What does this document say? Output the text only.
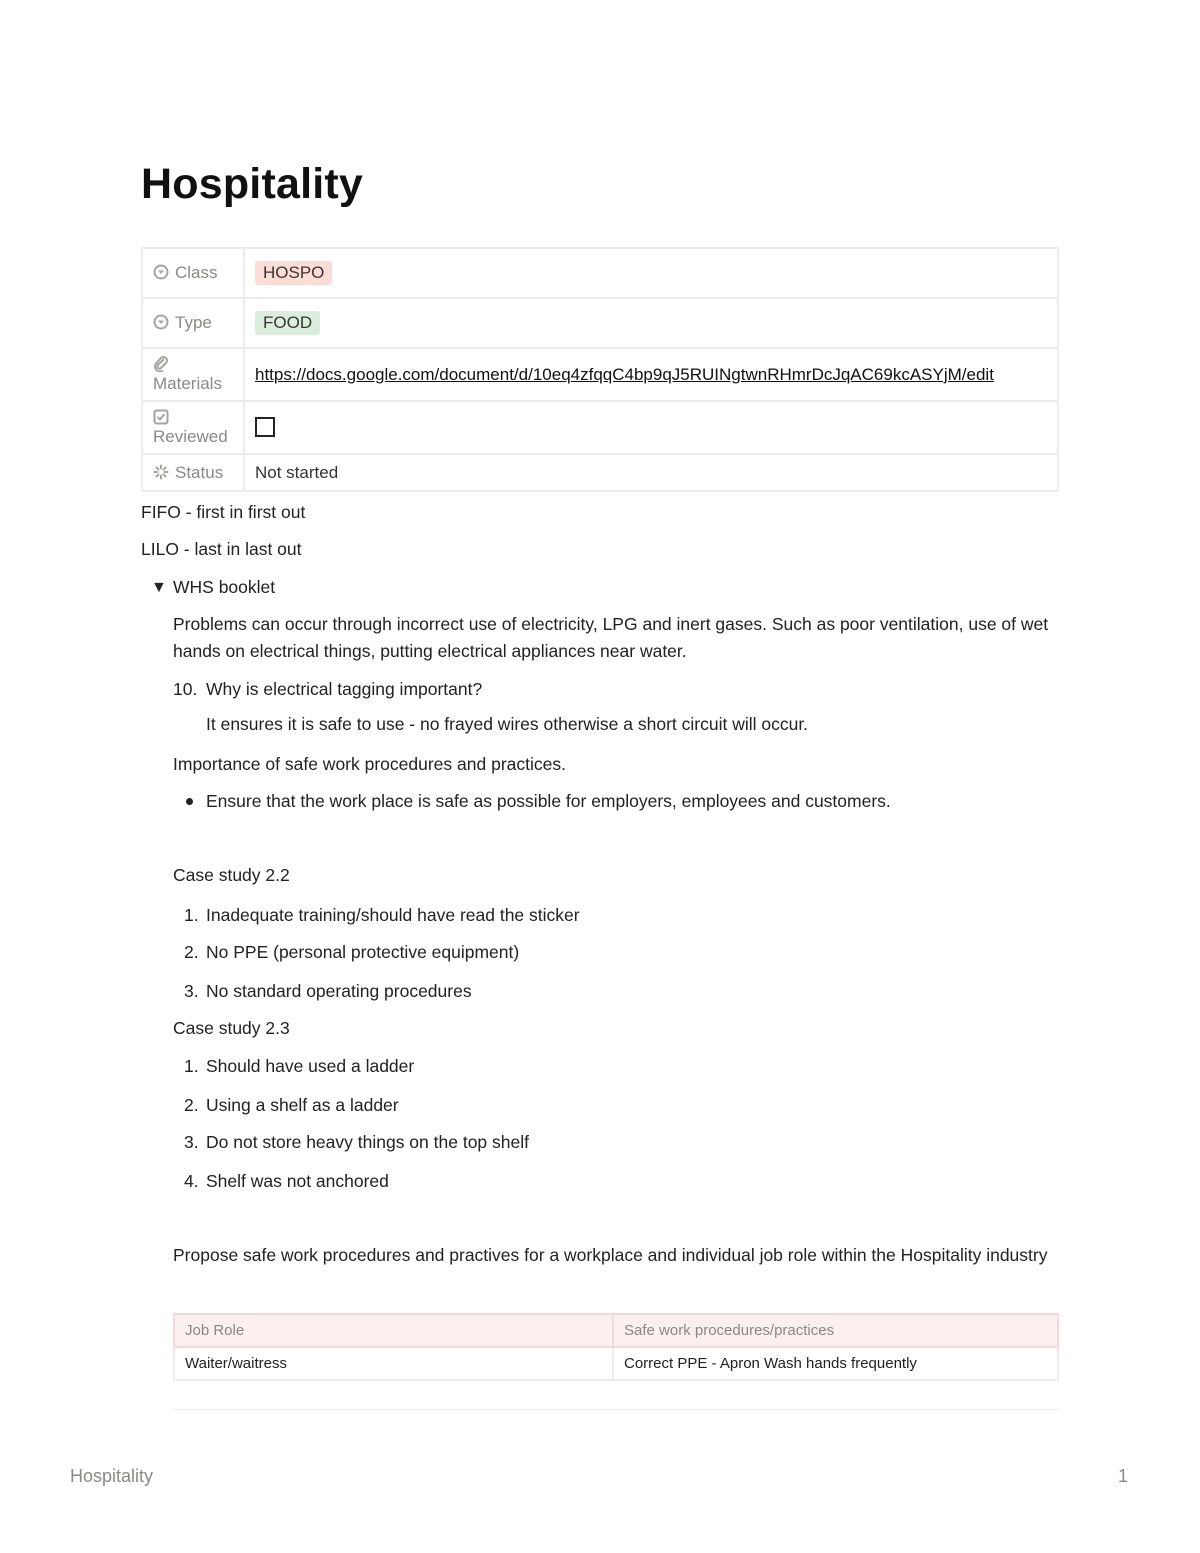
Hospitality
Class	HOSPO
Type	FOOD

Materials	https://docs.google.com/document/d/10eq4zfqqC4bp9qJ5RUINgtwnRHmrDcJqAC69kcASYjM/edit

Reviewed	
Status	Not started

FIFO - first in first out

LILO - last in last out

▼ WHS booklet

Problems can occur through incorrect use of electricity, LPG and inert gases. Such as poor ventilation, use of wet hands on electrical things, putting electrical appliances near water.

10. Why is electrical tagging important?

It ensures it is safe to use - no frayed wires otherwise a short circuit will occur.

Importance of safe work procedures and practices.

Ensure that the work place is safe as possible for employers, employees and customers.

Case study 2.2

1. Inadequate training/should have read the sticker
2. No PPE (personal protective equipment)
3. No standard operating procedures

Case study 2.3

1. Should have used a ladder
2. Using a shelf as a ladder
3. Do not store heavy things on the top shelf
4. Shelf was not anchored

Propose safe work procedures and practives for a workplace and individual job role within the Hospitality industry

Job Role	Safe work procedures/practices
Waiter/waitress	Correct PPE - Apron Wash hands frequently

Hospitality	1
